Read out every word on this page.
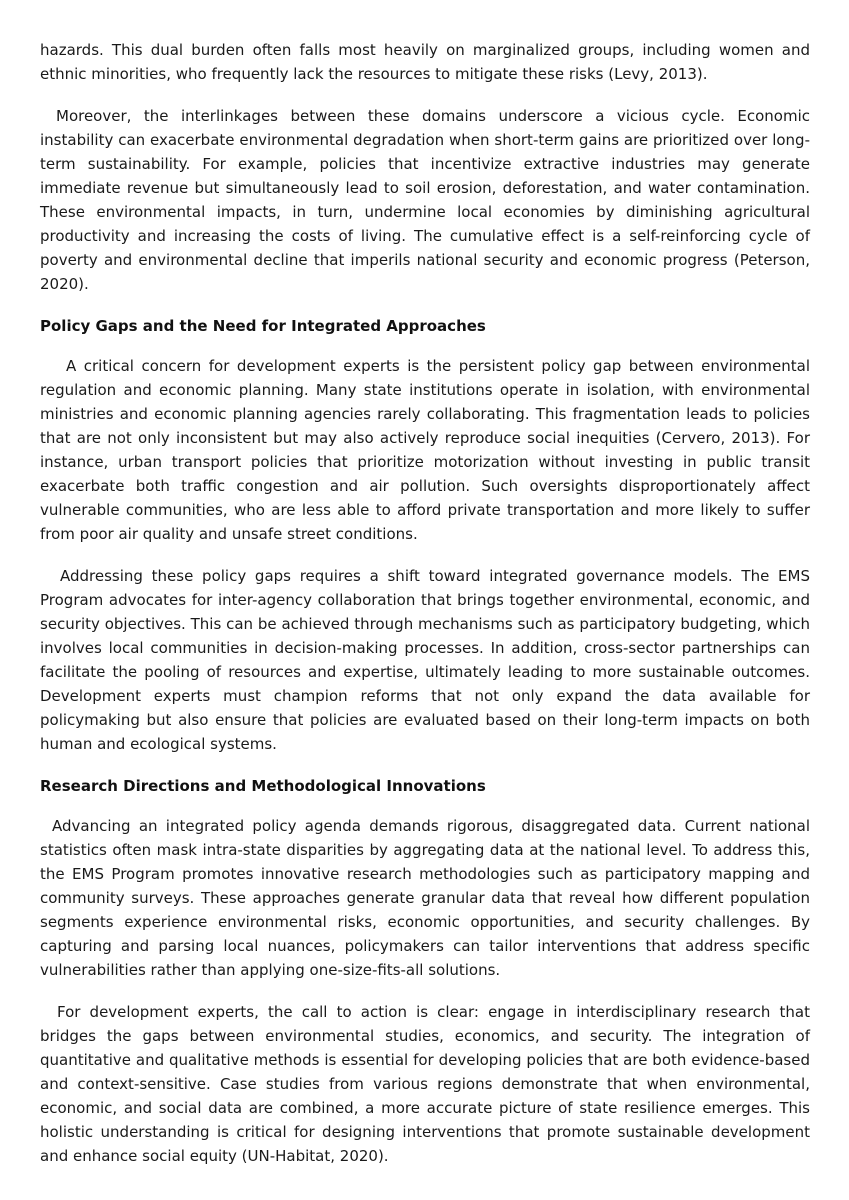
hazards. This dual burden often falls most heavily on marginalized groups, including women and ethnic minorities, who frequently lack the resources to mitigate these risks (Levy, 2013).

Moreover, the interlinkages between these domains underscore a vicious cycle. Economic instability can exacerbate environmental degradation when short-term gains are prioritized over long-term sustainability. For example, policies that incentivize extractive industries may generate immediate revenue but simultaneously lead to soil erosion, deforestation, and water contamination. These environmental impacts, in turn, undermine local economies by diminishing agricultural productivity and increasing the costs of living. The cumulative effect is a self-reinforcing cycle of poverty and environmental decline that imperils national security and economic progress (Peterson, 2020).

Policy Gaps and the Need for Integrated Approaches

A critical concern for development experts is the persistent policy gap between environmental regulation and economic planning. Many state institutions operate in isolation, with environmental ministries and economic planning agencies rarely collaborating. This fragmentation leads to policies that are not only inconsistent but may also actively reproduce social inequities (Cervero, 2013). For instance, urban transport policies that prioritize motorization without investing in public transit exacerbate both traffic congestion and air pollution. Such oversights disproportionately affect vulnerable communities, who are less able to afford private transportation and more likely to suffer from poor air quality and unsafe street conditions.

Addressing these policy gaps requires a shift toward integrated governance models. The EMS Program advocates for inter-agency collaboration that brings together environmental, economic, and security objectives. This can be achieved through mechanisms such as participatory budgeting, which involves local communities in decision-making processes. In addition, cross-sector partnerships can facilitate the pooling of resources and expertise, ultimately leading to more sustainable outcomes. Development experts must champion reforms that not only expand the data available for policymaking but also ensure that policies are evaluated based on their long-term impacts on both human and ecological systems.

Research Directions and Methodological Innovations

Advancing an integrated policy agenda demands rigorous, disaggregated data. Current national statistics often mask intra-state disparities by aggregating data at the national level. To address this, the EMS Program promotes innovative research methodologies such as participatory mapping and community surveys. These approaches generate granular data that reveal how different population segments experience environmental risks, economic opportunities, and security challenges. By capturing and parsing local nuances, policymakers can tailor interventions that address specific vulnerabilities rather than applying one-size-fits-all solutions.

For development experts, the call to action is clear: engage in interdisciplinary research that bridges the gaps between environmental studies, economics, and security. The integration of quantitative and qualitative methods is essential for developing policies that are both evidence-based and context-sensitive. Case studies from various regions demonstrate that when environmental, economic, and social data are combined, a more accurate picture of state resilience emerges. This holistic understanding is critical for designing interventions that promote sustainable development and enhance social equity (UN-Habitat, 2020).
